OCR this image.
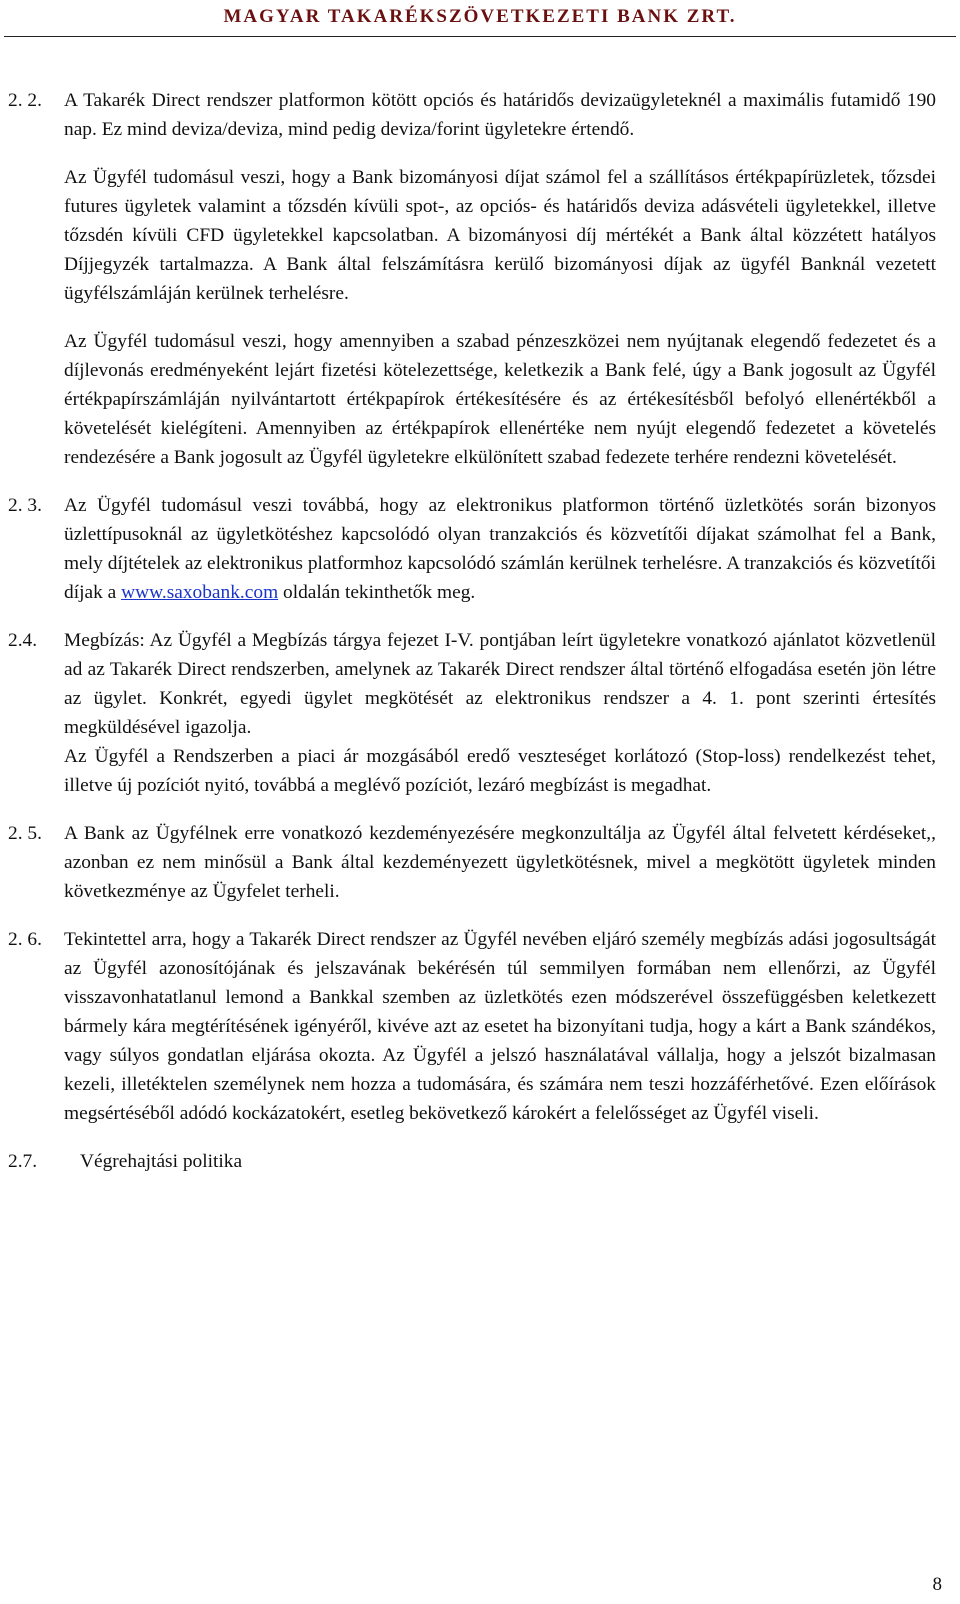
MAGYAR TAKARÉKSZÖVETKEZETI BANK ZRT.
2. 2. A Takarék Direct rendszer platformon kötött opciós és határidős devizaügyleteknél a maximális futamidő 190 nap. Ez mind deviza/deviza, mind pedig deviza/forint ügyletekre értendő.

Az Ügyfél tudomásul veszi, hogy a Bank bizományosi díjat számol fel a szállításos értékpapírüzletek, tőzsdei futures ügyletek valamint a tőzsdén kívüli spot-, az opciós- és határidős deviza adásvételi ügyletekkel, illetve tőzsdén kívüli CFD ügyletekkel kapcsolatban. A bizományosi díj mértékét a Bank által közzétett hatályos Díjjegyzék tartalmazza. A Bank által felszámításra kerülő bizományosi díjak az ügyfél Banknál vezetett ügyfélszámláján kerülnek terhelésre.

Az Ügyfél tudomásul veszi, hogy amennyiben a szabad pénzeszközei nem nyújtanak elegendő fedezetet és a díjlevonás eredményeként lejárt fizetési kötelezettsége, keletkezik a Bank felé, úgy a Bank jogosult az Ügyfél értékpapírszámláján nyilvántartott értékpapírok értékesítésére és az értékesítésből befolyó ellenértékből a követelését kielégíteni. Amennyiben az értékpapírok ellenértéke nem nyújt elegendő fedezetet a követelés rendezésére a Bank jogosult az Ügyfél ügyletekre elkülönített szabad fedezete terhére rendezni követelését.

2. 3. Az Ügyfél tudomásul veszi továbbá, hogy az elektronikus platformon történő üzletkötés során bizonyos üzlettípusoknál az ügyletkötéshez kapcsolódó olyan tranzakciós és közvetítői díjakat számolhat fel a Bank, mely díjtételek az elektronikus platformhoz kapcsolódó számlán kerülnek terhelésre. A tranzakciós és közvetítői díjak a www.saxobank.com oldalán tekinthetők meg.

2.4. Megbízás: Az Ügyfél a Megbízás tárgya fejezet I-V. pontjában leírt ügyletekre vonatkozó ajánlatot közvetlenül ad az Takarék Direct rendszerben, amelynek az Takarék Direct rendszer által történő elfogadása esetén jön létre az ügylet. Konkrét, egyedi ügylet megkötését az elektronikus rendszer a 4. 1. pont szerinti értesítés megküldésével igazolja.

Az Ügyfél a Rendszerben a piaci ár mozgásából eredő veszteséget korlátozó (Stop-loss) rendelkezést tehet, illetve új pozíciót nyitó, továbbá a meglévő pozíciót, lezáró megbízást is megadhat.

2. 5. A Bank az Ügyfélnek erre vonatkozó kezdeményezésére megkonzultálja az Ügyfél által felvetett kérdéseket,, azonban ez nem minősül a Bank által kezdeményezett ügyletkötésnek, mivel a megkötött ügyletek minden következménye az Ügyfelet terheli.

2. 6. Tekintettel arra, hogy a Takarék Direct rendszer az Ügyfél nevében eljáró személy megbízás adási jogosultságát az Ügyfél azonosítójának és jelszavának bekérésén túl semmilyen formában nem ellenőrzi, az Ügyfél visszavonhatatlanul lemond a Bankkal szemben az üzletkötés ezen módszerével összefüggésben keletkezett bármely kára megtérítésének igényéről, kivéve azt az esetet ha bizonyítani tudja, hogy a kárt a Bank szándékos, vagy súlyos gondatlan eljárása okozta. Az Ügyfél a jelszó használatával vállalja, hogy a jelszót bizalmasan kezeli, illetéktelen személynek nem hozza a tudomására, és számára nem teszi hozzáférhetővé. Ezen előírások megsértéséből adódó kockázatokért, esetleg bekövetkező károkért a felelősséget az Ügyfél viseli.

2.7. Végrehajtási politika
8
